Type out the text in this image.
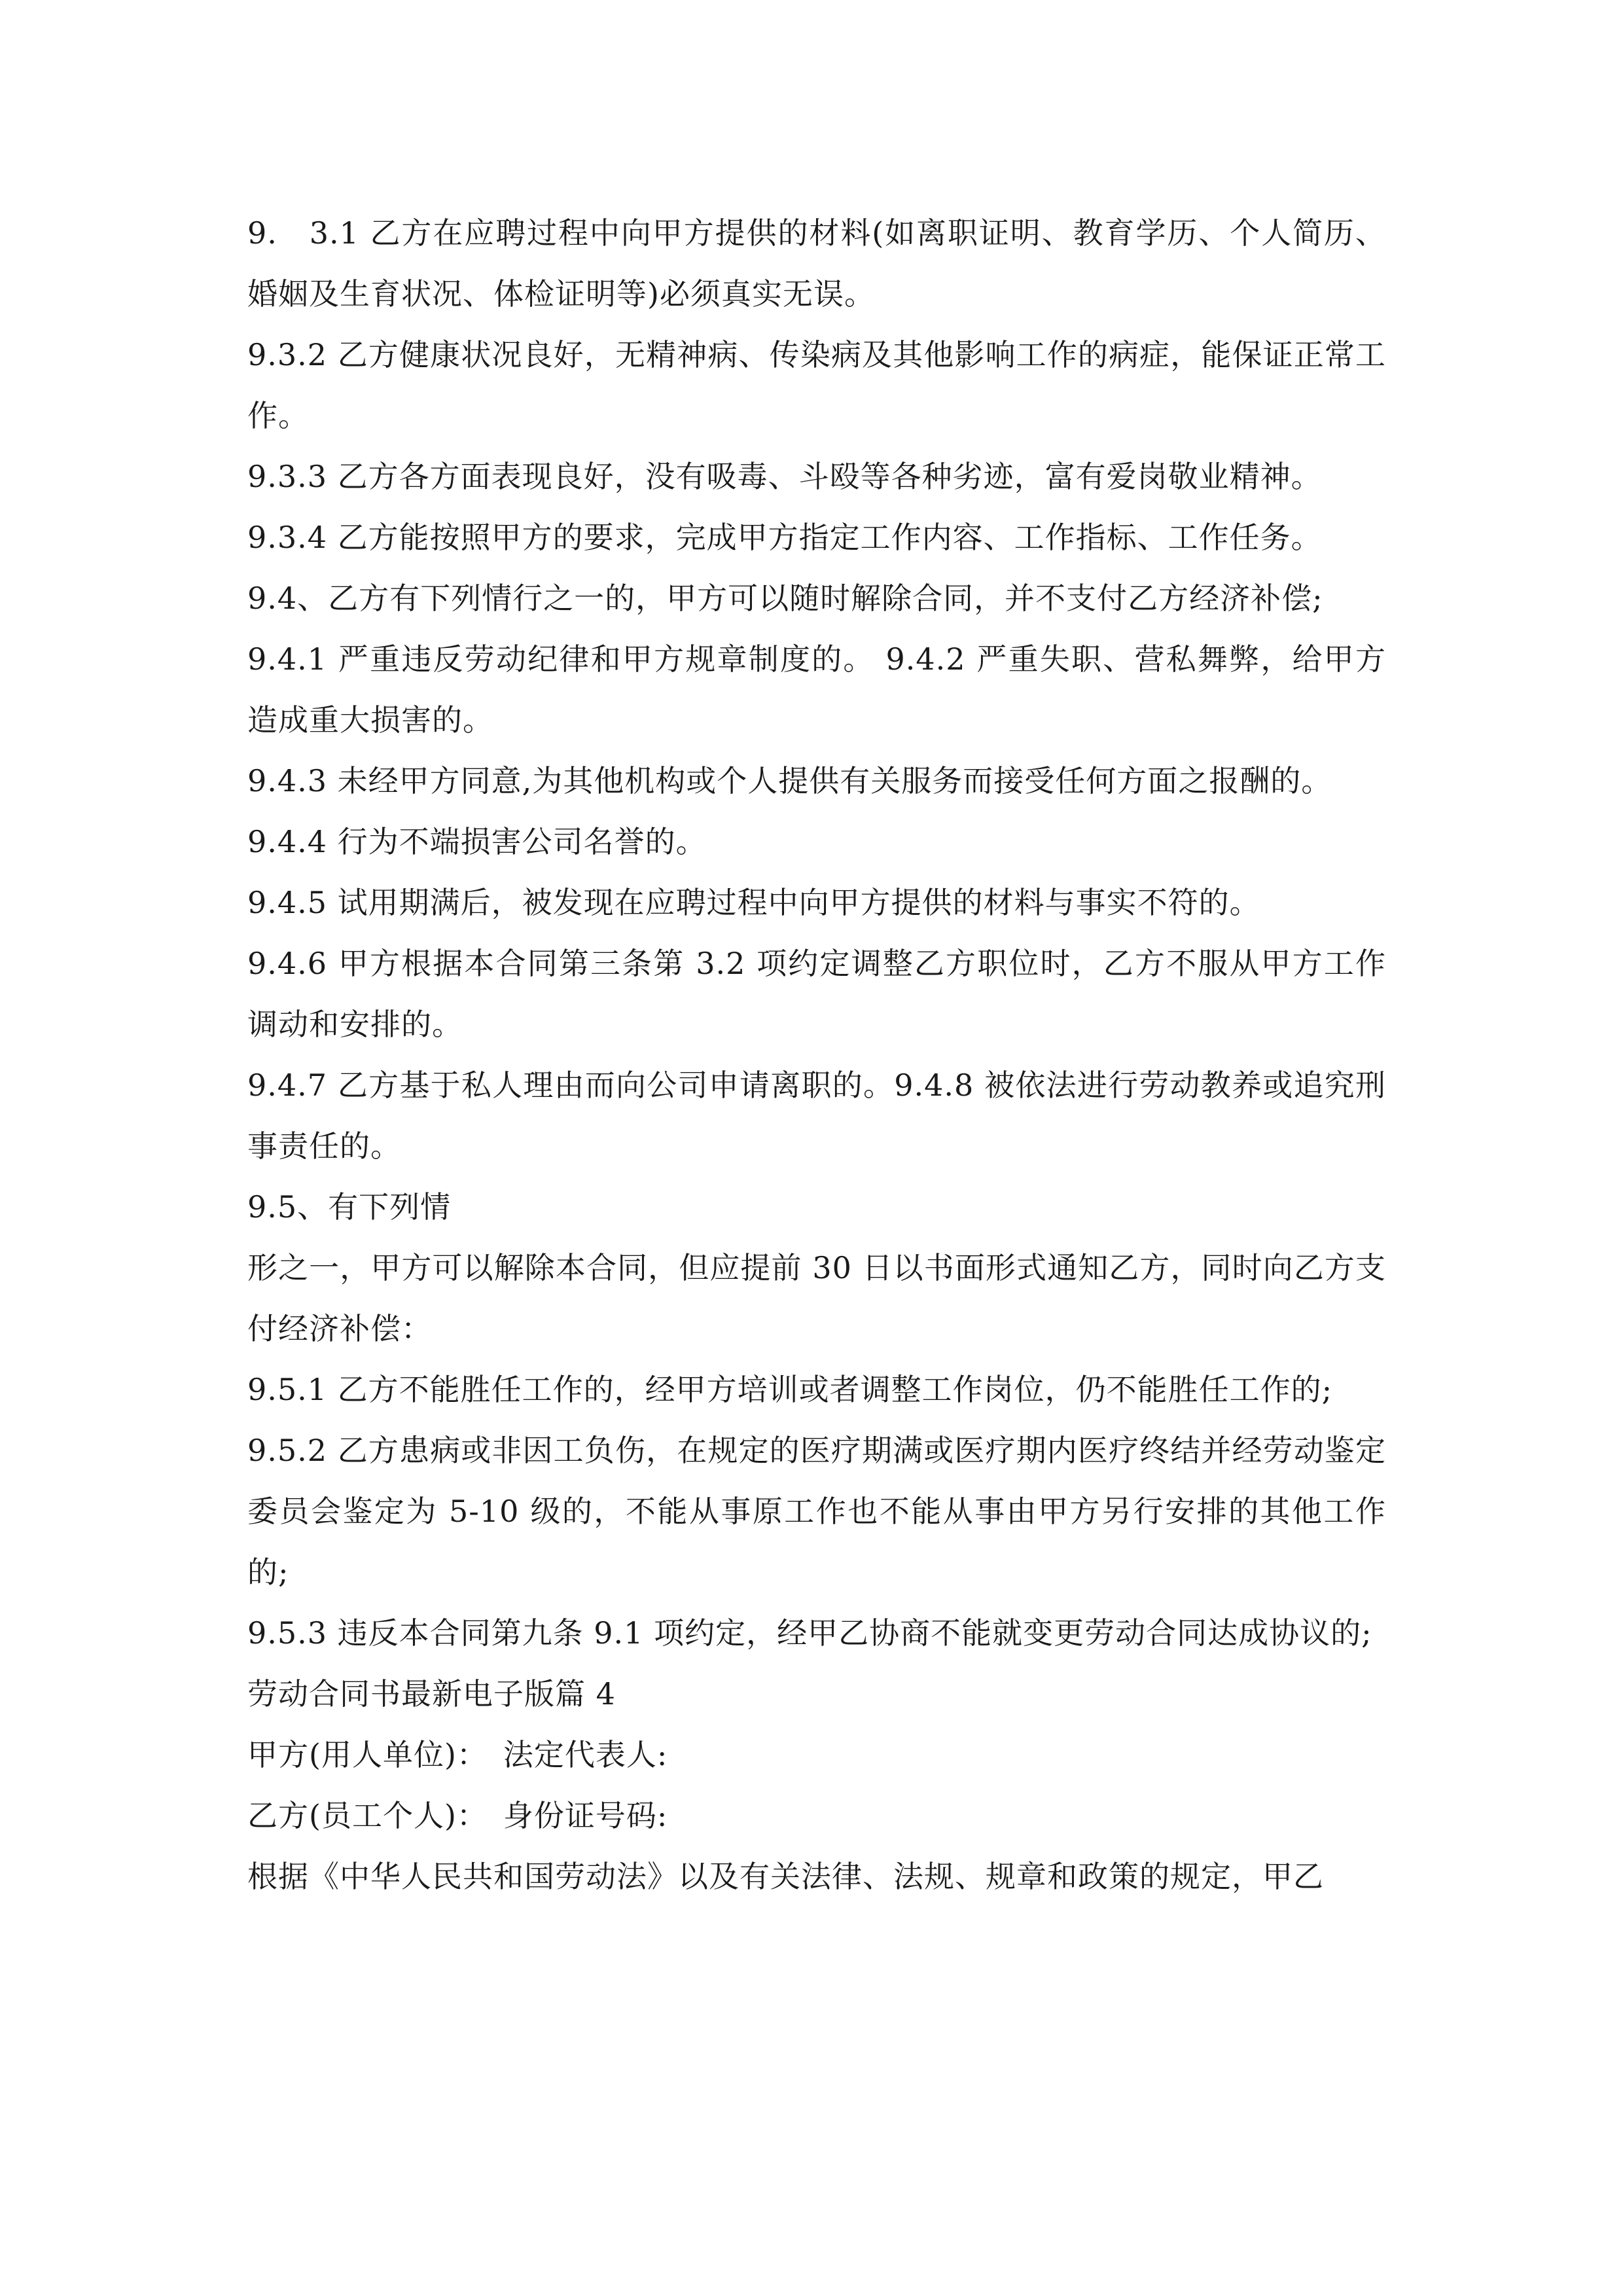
9.　3.1 乙方在应聘过程中向甲方提供的材料(如离职证明、教育学历、个人简历、婚姻及生育状况、体检证明等)必须真实无误。

9.3.2 乙方健康状况良好，无精神病、传染病及其他影响工作的病症，能保证正常工作。

9.3.3 乙方各方面表现良好，没有吸毒、斗殴等各种劣迹，富有爱岗敬业精神。

9.3.4 乙方能按照甲方的要求，完成甲方指定工作内容、工作指标、工作任务。

9.4、乙方有下列情行之一的，甲方可以随时解除合同，并不支付乙方经济补偿;

9.4.1 严重违反劳动纪律和甲方规章制度的。 9.4.2 严重失职、营私舞弊，给甲方造成重大损害的。

9.4.3 未经甲方同意,为其他机构或个人提供有关服务而接受任何方面之报酬的。

9.4.4 行为不端损害公司名誉的。

9.4.5 试用期满后，被发现在应聘过程中向甲方提供的材料与事实不符的。

9.4.6 甲方根据本合同第三条第 3.2 项约定调整乙方职位时，乙方不服从甲方工作调动和安排的。

9.4.7 乙方基于私人理由而向公司申请离职的。9.4.8 被依法进行劳动教养或追究刑事责任的。

9.5、有下列情

形之一，甲方可以解除本合同，但应提前 30 日以书面形式通知乙方，同时向乙方支付经济补偿：

9.5.1 乙方不能胜任工作的，经甲方培训或者调整工作岗位，仍不能胜任工作的;

9.5.2 乙方患病或非因工负伤，在规定的医疗期满或医疗期内医疗终结并经劳动鉴定委员会鉴定为 5-10 级的，不能从事原工作也不能从事由甲方另行安排的其他工作的;

9.5.3 违反本合同第九条 9.1 项约定，经甲乙协商不能就变更劳动合同达成协议的;

劳动合同书最新电子版篇 4

甲方(用人单位)：　法定代表人:

乙方(员工个人)：　身份证号码:

根据《中华人民共和国劳动法》以及有关法律、法规、规章和政策的规定，甲乙
